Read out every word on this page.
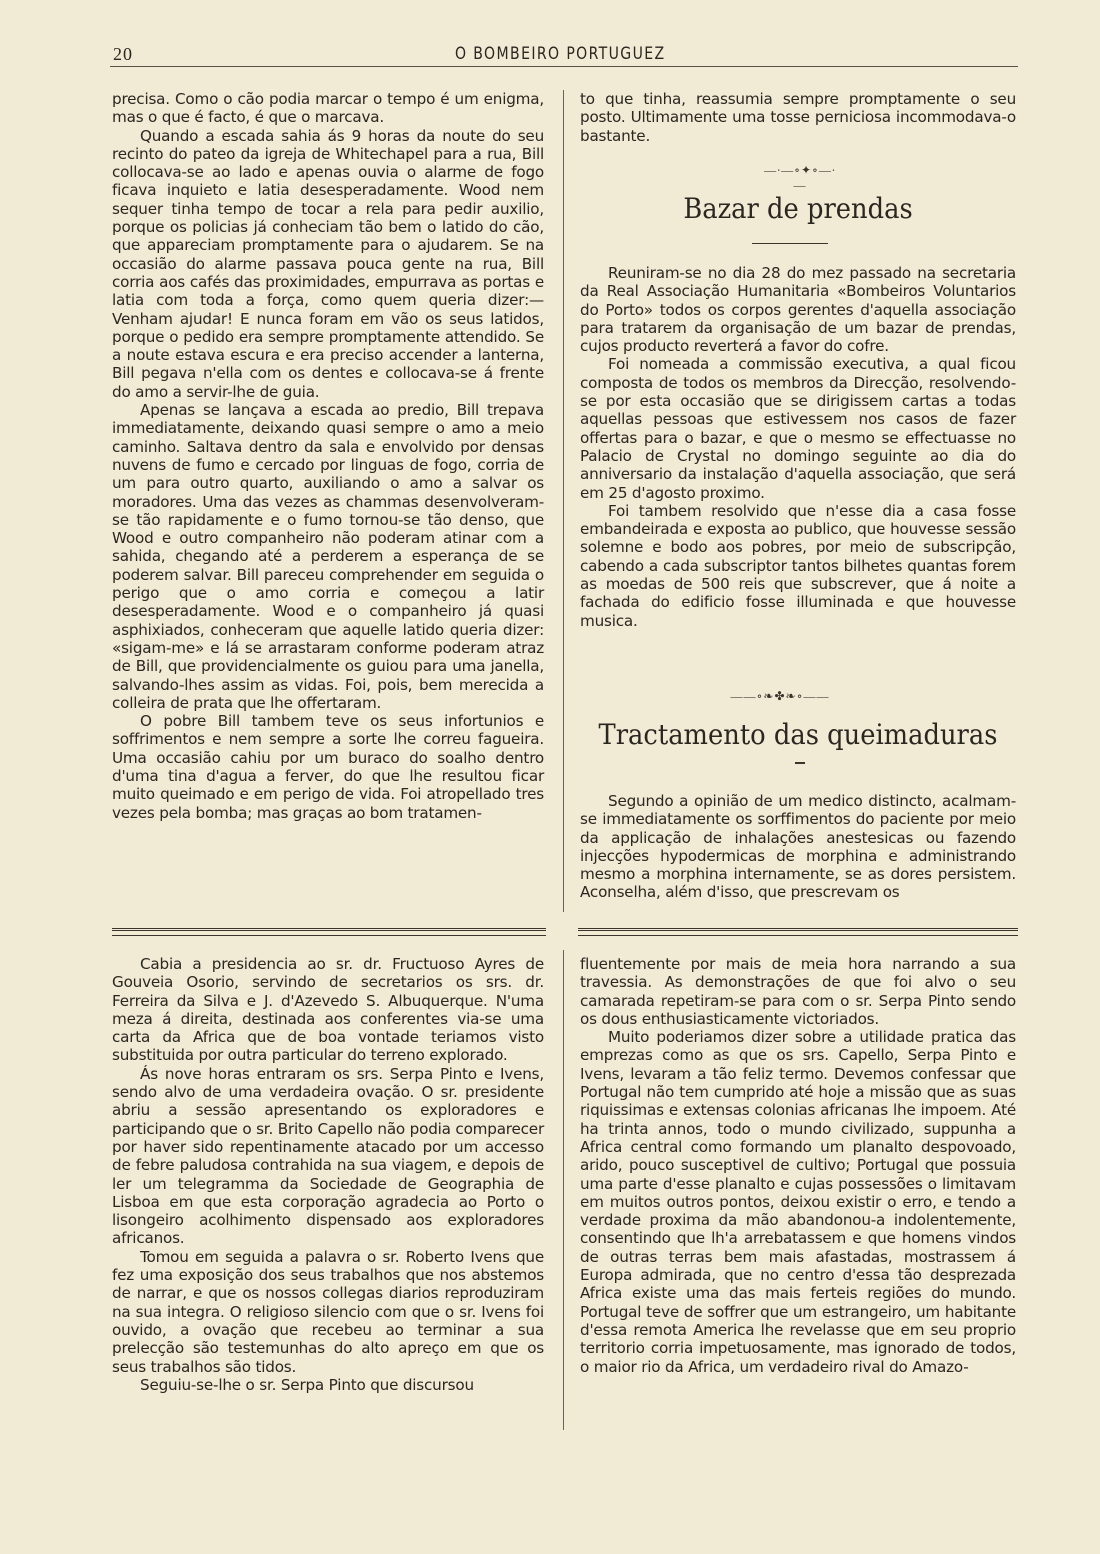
20	O BOMBEIRO PORTUGUEZ

precisa. Como o cão podia marcar o tempo é um enigma, mas o que é facto, é que o marcava.

Quando a escada sahia ás 9 horas da noute do seu recinto do pateo da igreja de Whitechapel para a rua, Bill collocava-se ao lado e apenas ouvia o alarme de fogo ficava inquieto e latia desesperadamente. Wood nem sequer tinha tempo de tocar a rela para pedir auxilio, porque os policias já conheciam tão bem o latido do cão, que appareciam promptamente para o ajudarem. Se na occasião do alarme passava pouca gente na rua, Bill corria aos cafés das proximidades, empurrava as portas e latia com toda a força, como quem queria dizer:—Venham ajudar! E nunca foram em vão os seus latidos, porque o pedido era sempre promptamente attendido. Se a noute estava escura e era preciso accender a lanterna, Bill pegava n'ella com os dentes e collocava-se á frente do amo a servir-lhe de guia.

Apenas se lançava a escada ao predio, Bill trepava immediatamente, deixando quasi sempre o amo a meio caminho. Saltava dentro da sala e envolvido por densas nuvens de fumo e cercado por linguas de fogo, corria de um para outro quarto, auxiliando o amo a salvar os moradores. Uma das vezes as chammas desenvolveram-se tão rapidamente e o fumo tornou-se tão denso, que Wood e outro companheiro não poderam atinar com a sahida, chegando até a perderem a esperança de se poderem salvar. Bill pareceu comprehender em seguida o perigo que o amo corria e começou a latir desesperadamente. Wood e o companheiro já quasi asphixiados, conheceram que aquelle latido queria dizer: «sigam-me» e lá se arrastaram conforme poderam atraz de Bill, que providencialmente os guiou para uma janella, salvando-lhes assim as vidas. Foi, pois, bem merecida a colleira de prata que lhe offertaram.

O pobre Bill tambem teve os seus infortunios e soffrimentos e nem sempre a sorte lhe correu fagueira. Uma occasião cahiu por um buraco do soalho dentro d'uma tina d'agua a ferver, do que lhe resultou ficar muito queimado e em perigo de vida. Foi atropellado tres vezes pela bomba; mas graças ao bom tratamen-

to que tinha, reassumia sempre promptamente o seu posto. Ultimamente uma tosse perniciosa incommodava-o bastante.

—∙—∘✦∘—∙—
Bazar de prendas

Reuniram-se no dia 28 do mez passado na secretaria da Real Associação Humanitaria «Bombeiros Voluntarios do Porto» todos os corpos gerentes d'aquella associação para tratarem da organisação de um bazar de prendas, cujos producto reverterá a favor do cofre.

Foi nomeada a commissão executiva, a qual ficou composta de todos os membros da Direcção, resolvendo-se por esta occasião que se dirigissem cartas a todas aquellas pessoas que estivessem nos casos de fazer offertas para o bazar, e que o mesmo se effectuasse no Palacio de Crystal no domingo seguinte ao dia do anniversario da instalação d'aquella associação, que será em 25 d'agosto proximo.

Foi tambem resolvido que n'esse dia a casa fosse embandeirada e exposta ao publico, que houvesse sessão solemne e bodo aos pobres, por meio de subscripção, cabendo a cada subscriptor tantos bilhetes quantas forem as moedas de 500 reis que subscrever, que á noite a fachada do edificio fosse illuminada e que houvesse musica.

——∘❧✤❧∘——
Tractamento das queimaduras

Segundo a opinião de um medico distincto, acalmam-se immediatamente os sorffimentos do paciente por meio da applicação de inhalações anestesicas ou fazendo injecções hypodermicas de morphina e administrando mesmo a morphina internamente, se as dores persistem. Aconselha, além d'isso, que prescrevam os

Cabia a presidencia ao sr. dr. Fructuoso Ayres de Gouveia Osorio, servindo de secretarios os srs. dr. Ferreira da Silva e J. d'Azevedo S. Albuquerque. N'uma meza á direita, destinada aos conferentes via-se uma carta da Africa que de boa vontade teriamos visto substituida por outra particular do terreno explorado.

Ás nove horas entraram os srs. Serpa Pinto e Ivens, sendo alvo de uma verdadeira ovação. O sr. presidente abriu a sessão apresentando os exploradores e participando que o sr. Brito Capello não podia comparecer por haver sido repentinamente atacado por um accesso de febre paludosa contrahida na sua viagem, e depois de ler um telegramma da Sociedade de Geographia de Lisboa em que esta corporação agradecia ao Porto o lisongeiro acolhimento dispensado aos exploradores africanos.

Tomou em seguida a palavra o sr. Roberto Ivens que fez uma exposição dos seus trabalhos que nos abstemos de narrar, e que os nossos collegas diarios reproduziram na sua integra. O religioso silencio com que o sr. Ivens foi ouvido, a ovação que recebeu ao terminar a sua prelecção são testemunhas do alto apreço em que os seus trabalhos são tidos.

Seguiu-se-lhe o sr. Serpa Pinto que discursou

fluentemente por mais de meia hora narrando a sua travessia. As demonstrações de que foi alvo o seu camarada repetiram-se para com o sr. Serpa Pinto sendo os dous enthusiasticamente victoriados.

Muito poderiamos dizer sobre a utilidade pratica das emprezas como as que os srs. Capello, Serpa Pinto e Ivens, levaram a tão feliz termo. Devemos confessar que Portugal não tem cumprido até hoje a missão que as suas riquissimas e extensas colonias africanas lhe impoem. Até ha trinta annos, todo o mundo civilizado, suppunha a Africa central como formando um planalto despovoado, arido, pouco susceptivel de cultivo; Portugal que possuia uma parte d'esse planalto e cujas possessões o limitavam em muitos outros pontos, deixou existir o erro, e tendo a verdade proxima da mão abandonou-a indolentemente, consentindo que lh'a arrebatassem e que homens vindos de outras terras bem mais afastadas, mostrassem á Europa admirada, que no centro d'essa tão desprezada Africa existe uma das mais ferteis regiões do mundo. Portugal teve de soffrer que um estrangeiro, um habitante d'essa remota America lhe revelasse que em seu proprio territorio corria impetuosamente, mas ignorado de todos, o maior rio da Africa, um verdadeiro rival do Amazo-
